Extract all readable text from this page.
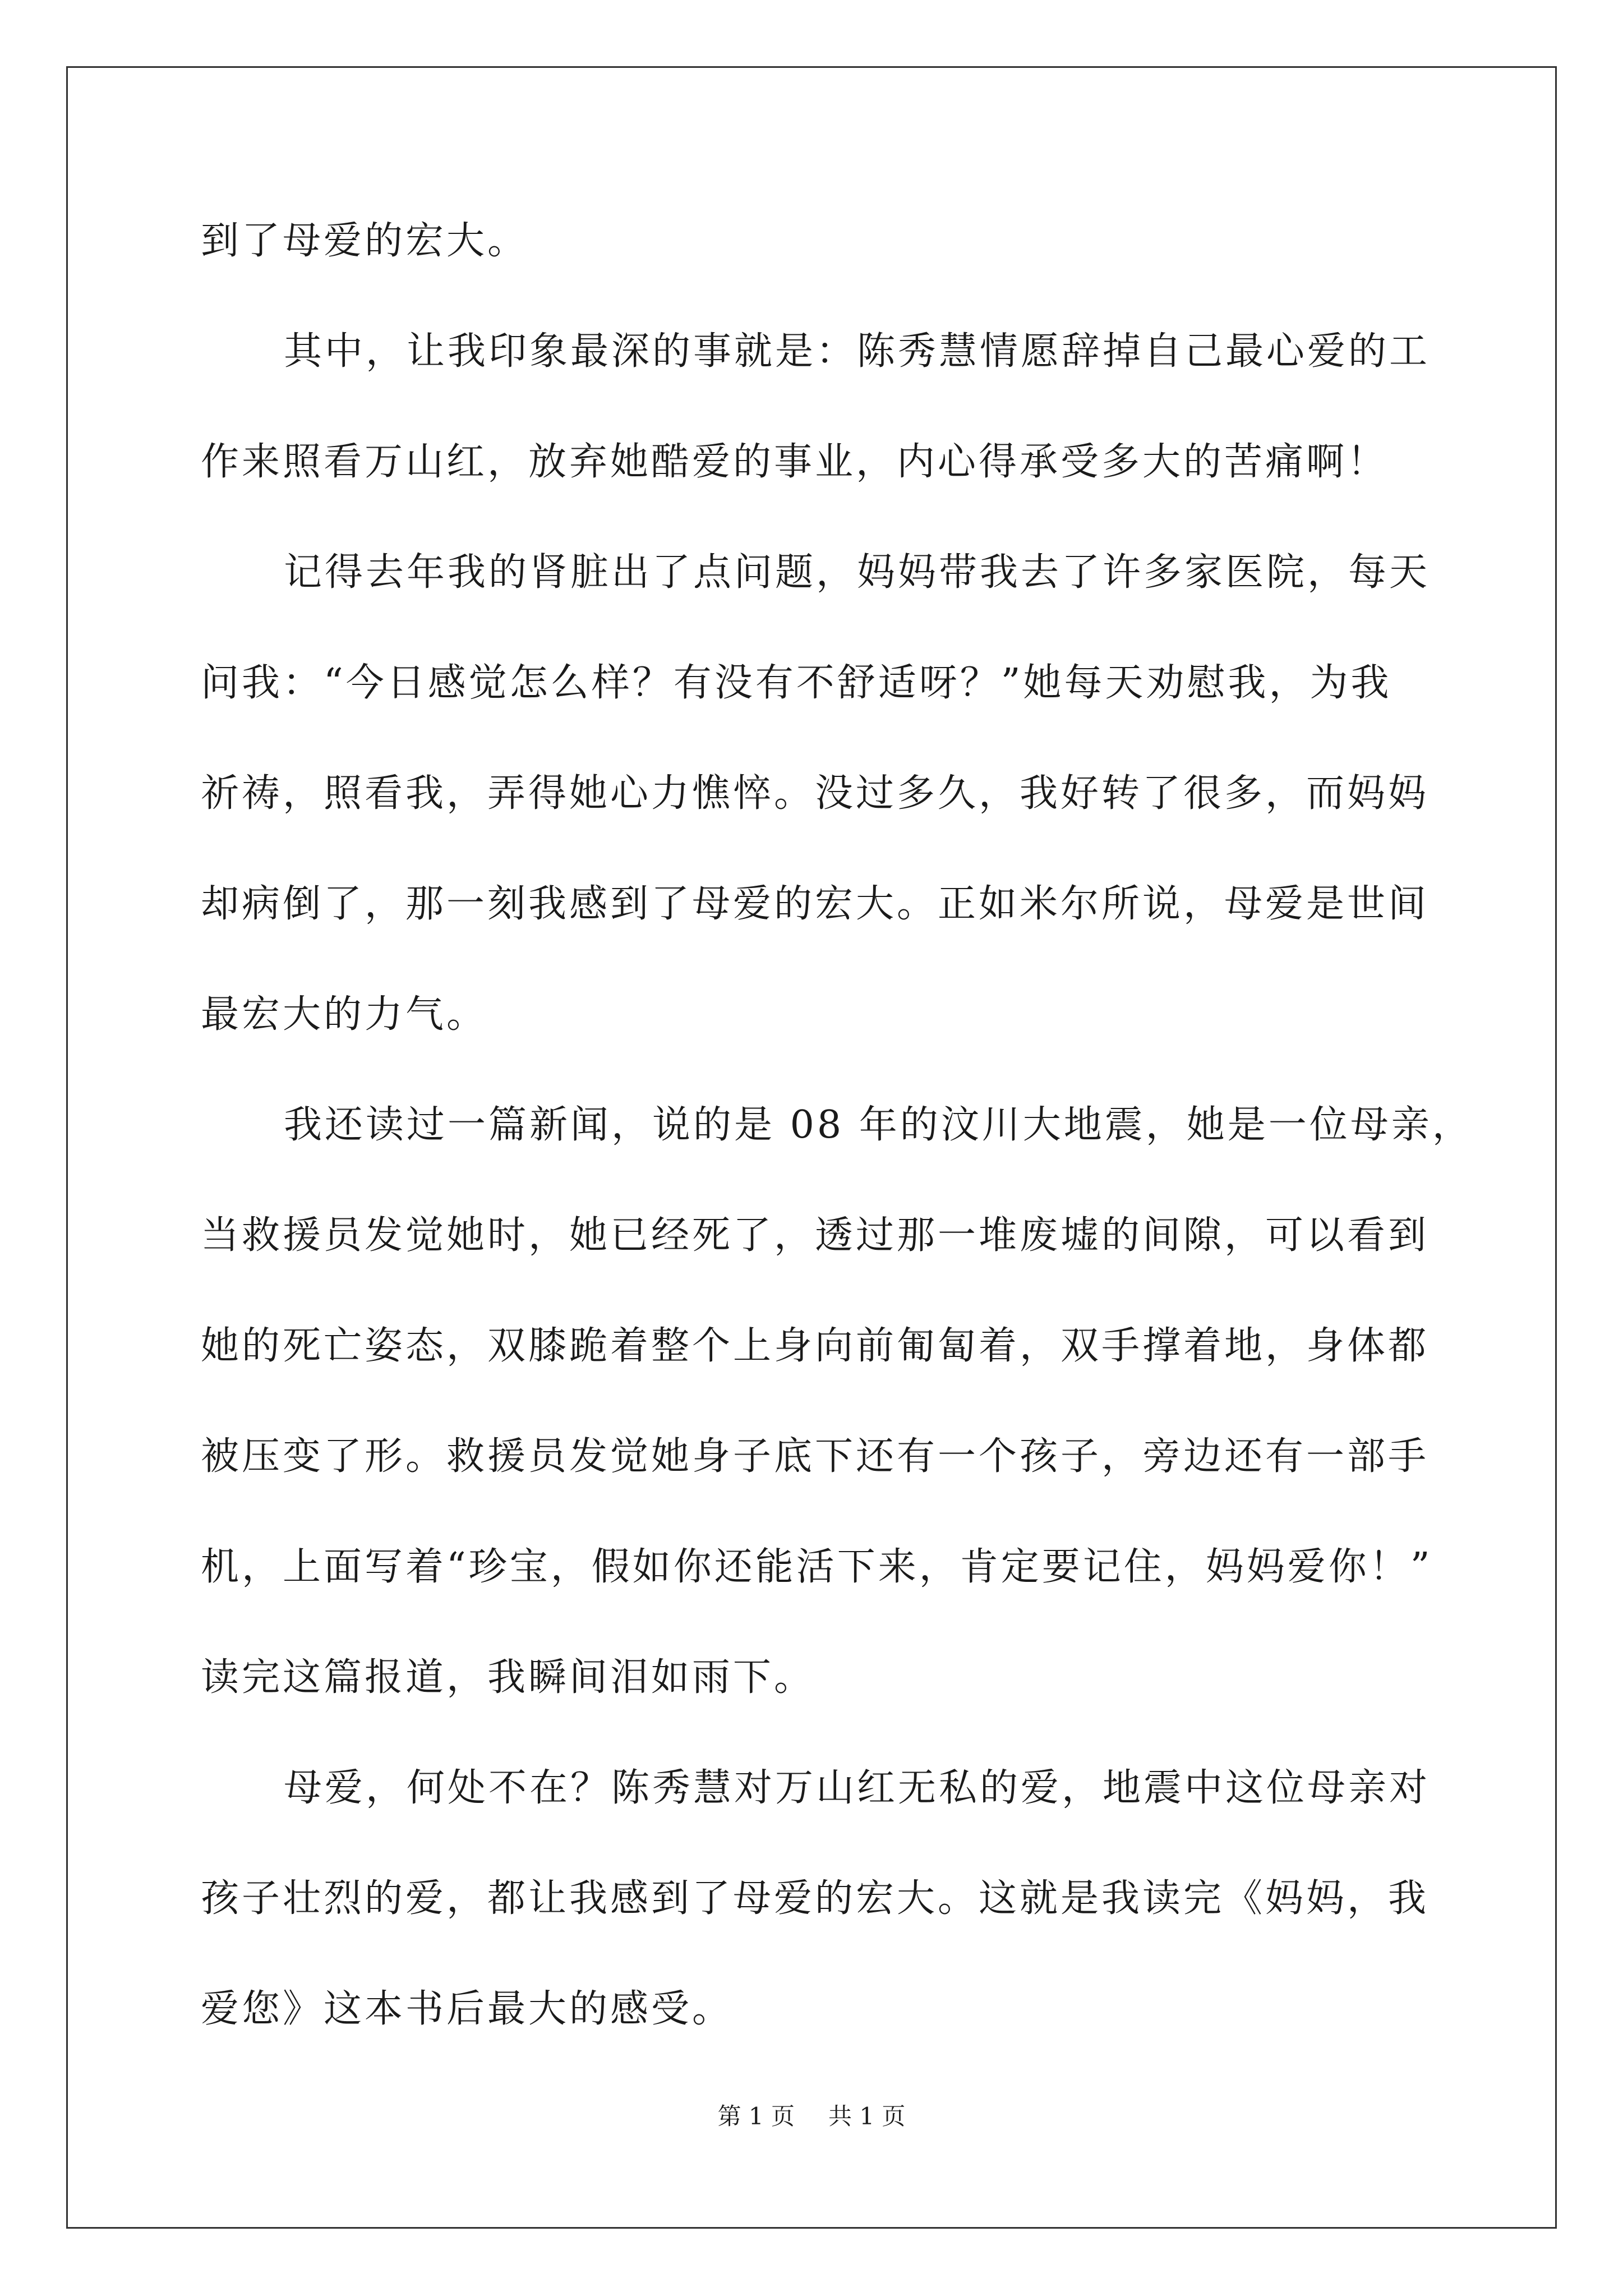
到了母爱的宏大。
其中，让我印象最深的事就是：陈秀慧情愿辞掉自己最心爱的工
作来照看万山红，放弃她酷爱的事业，内心得承受多大的苦痛啊！
记得去年我的肾脏出了点问题，妈妈带我去了许多家医院，每天
问我：“今日感觉怎么样？有没有不舒适呀？”她每天劝慰我，为我
祈祷，照看我，弄得她心力憔悴。没过多久，我好转了很多，而妈妈
却病倒了，那一刻我感到了母爱的宏大。正如米尔所说，母爱是世间
最宏大的力气。
我还读过一篇新闻，说的是 08 年的汶川大地震，她是一位母亲，
当救援员发觉她时，她已经死了，透过那一堆废墟的间隙，可以看到
她的死亡姿态，双膝跪着整个上身向前匍匐着，双手撑着地，身体都
被压变了形。救援员发觉她身子底下还有一个孩子，旁边还有一部手
机，上面写着“珍宝，假如你还能活下来，肯定要记住，妈妈爱你！”
读完这篇报道，我瞬间泪如雨下。
母爱，何处不在？陈秀慧对万山红无私的爱，地震中这位母亲对
孩子壮烈的爱，都让我感到了母爱的宏大。这就是我读完《妈妈，我
爱您》这本书后最大的感受。
第 1 页 共 1 页
